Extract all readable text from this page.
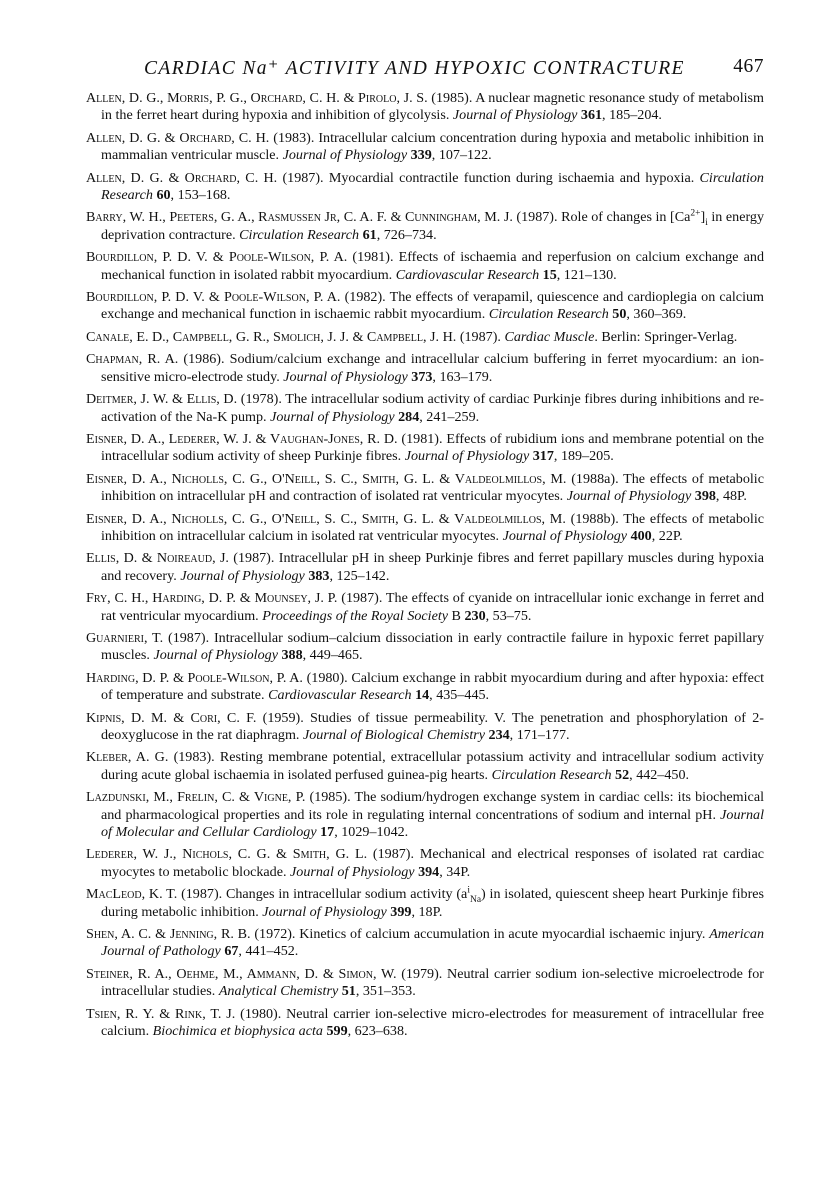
CARDIAC Na⁺ ACTIVITY AND HYPOXIC CONTRACTURE 467
Allen, D. G., Morris, P. G., Orchard, C. H. & Pirolo, J. S. (1985). A nuclear magnetic resonance study of metabolism in the ferret heart during hypoxia and inhibition of glycolysis. Journal of Physiology 361, 185–204.
Allen, D. G. & Orchard, C. H. (1983). Intracellular calcium concentration during hypoxia and metabolic inhibition in mammalian ventricular muscle. Journal of Physiology 339, 107–122.
Allen, D. G. & Orchard, C. H. (1987). Myocardial contractile function during ischaemia and hypoxia. Circulation Research 60, 153–168.
Barry, W. H., Peeters, G. A., Rasmussen Jr, C. A. F. & Cunningham, M. J. (1987). Role of changes in $[Ca^{2+}]_i$ in energy deprivation contracture. Circulation Research 61, 726–734.
Bourdillon, P. D. V. & Poole-Wilson, P. A. (1981). Effects of ischaemia and reperfusion on calcium exchange and mechanical function in isolated rabbit myocardium. Cardiovascular Research 15, 121–130.
Bourdillon, P. D. V. & Poole-Wilson, P. A. (1982). The effects of verapamil, quiescence and cardioplegia on calcium exchange and mechanical function in ischaemic rabbit myocardium. Circulation Research 50, 360–369.
Canale, E. D., Campbell, G. R., Smolich, J. J. & Campbell, J. H. (1987). Cardiac Muscle. Berlin: Springer-Verlag.
Chapman, R. A. (1986). Sodium/calcium exchange and intracellular calcium buffering in ferret myocardium: an ion-sensitive micro-electrode study. Journal of Physiology 373, 163–179.
Deitmer, J. W. & Ellis, D. (1978). The intracellular sodium activity of cardiac Purkinje fibres during inhibitions and re-activation of the Na-K pump. Journal of Physiology 284, 241–259.
Eisner, D. A., Lederer, W. J. & Vaughan-Jones, R. D. (1981). Effects of rubidium ions and membrane potential on the intracellular sodium activity of sheep Purkinje fibres. Journal of Physiology 317, 189–205.
Eisner, D. A., Nicholls, C. G., O'Neill, S. C., Smith, G. L. & Valdeolmillos, M. (1988a). The effects of metabolic inhibition on intracellular pH and contraction of isolated rat ventricular myocytes. Journal of Physiology 398, 48P.
Eisner, D. A., Nicholls, C. G., O'Neill, S. C., Smith, G. L. & Valdeolmillos, M. (1988b). The effects of metabolic inhibition on intracellular calcium in isolated rat ventricular myocytes. Journal of Physiology 400, 22P.
Ellis, D. & Noireaud, J. (1987). Intracellular pH in sheep Purkinje fibres and ferret papillary muscles during hypoxia and recovery. Journal of Physiology 383, 125–142.
Fry, C. H., Harding, D. P. & Mounsey, J. P. (1987). The effects of cyanide on intracellular ionic exchange in ferret and rat ventricular myocardium. Proceedings of the Royal Society B 230, 53–75.
Guarnieri, T. (1987). Intracellular sodium–calcium dissociation in early contractile failure in hypoxic ferret papillary muscles. Journal of Physiology 388, 449–465.
Harding, D. P. & Poole-Wilson, P. A. (1980). Calcium exchange in rabbit myocardium during and after hypoxia: effect of temperature and substrate. Cardiovascular Research 14, 435–445.
Kipnis, D. M. & Cori, C. F. (1959). Studies of tissue permeability. V. The penetration and phosphorylation of 2-deoxyglucose in the rat diaphragm. Journal of Biological Chemistry 234, 171–177.
Kleber, A. G. (1983). Resting membrane potential, extracellular potassium activity and intracellular sodium activity during acute global ischaemia in isolated perfused guinea-pig hearts. Circulation Research 52, 442–450.
Lazdunski, M., Frelin, C. & Vigne, P. (1985). The sodium/hydrogen exchange system in cardiac cells: its biochemical and pharmacological properties and its role in regulating internal concentrations of sodium and internal pH. Journal of Molecular and Cellular Cardiology 17, 1029–1042.
Lederer, W. J., Nichols, C. G. & Smith, G. L. (1987). Mechanical and electrical responses of isolated rat cardiac myocytes to metabolic blockade. Journal of Physiology 394, 34P.
MacLeod, K. T. (1987). Changes in intracellular sodium activity $(a^i_{Na})$ in isolated, quiescent sheep heart Purkinje fibres during metabolic inhibition. Journal of Physiology 399, 18P.
Shen, A. C. & Jenning, R. B. (1972). Kinetics of calcium accumulation in acute myocardial ischaemic injury. American Journal of Pathology 67, 441–452.
Steiner, R. A., Oehme, M., Ammann, D. & Simon, W. (1979). Neutral carrier sodium ion-selective microelectrode for intracellular studies. Analytical Chemistry 51, 351–353.
Tsien, R. Y. & Rink, T. J. (1980). Neutral carrier ion-selective micro-electrodes for measurement of intracellular free calcium. Biochimica et biophysica acta 599, 623–638.
